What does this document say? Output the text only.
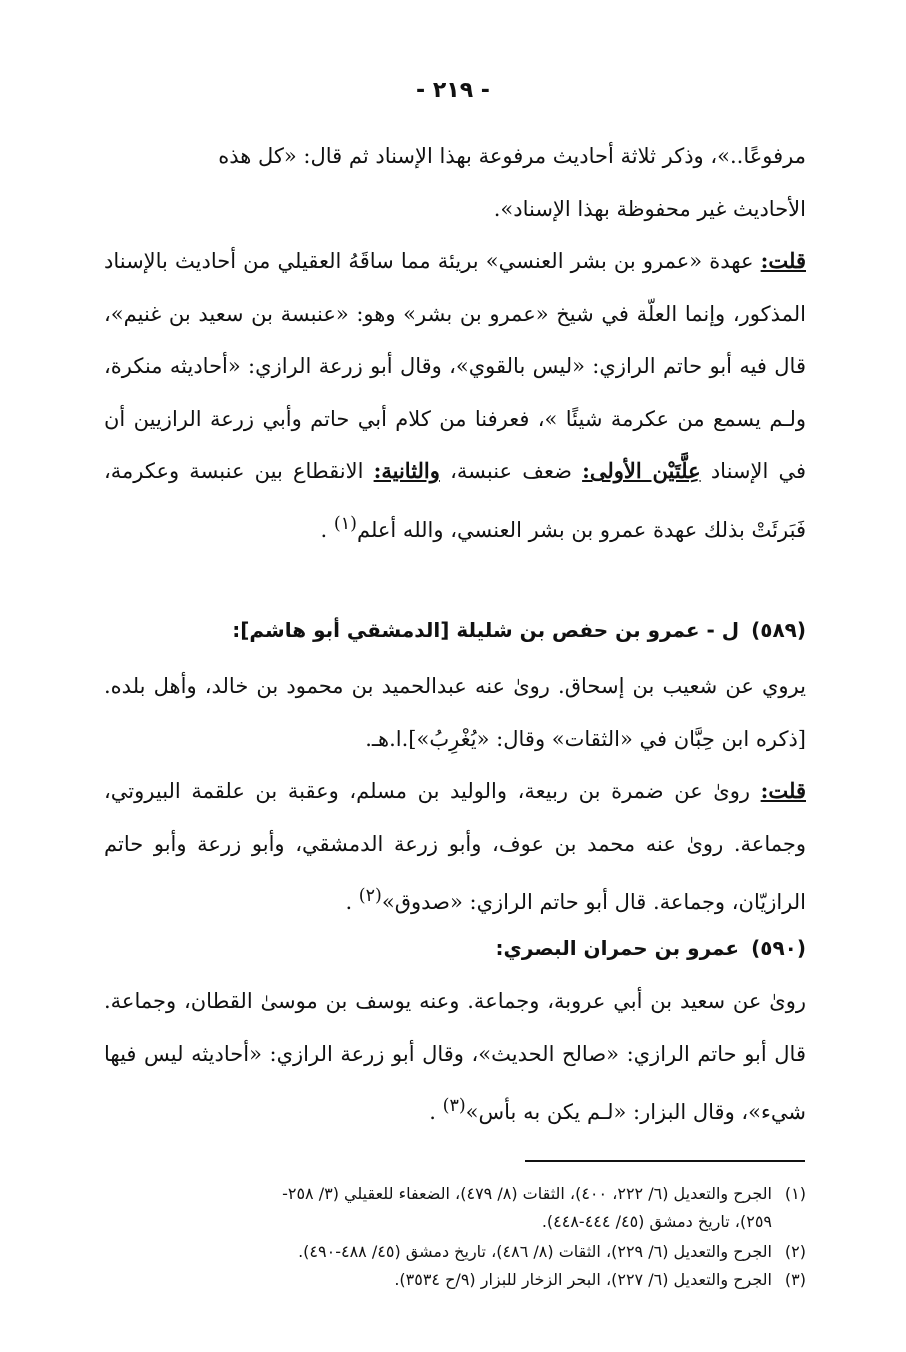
- ٢١٩ -
مرفوعًا..»، وذكر ثلاثة أحاديث مرفوعة بهذا الإسناد ثم قال: «كل هذه
الأحاديث غير محفوظة بهذا الإسناد».
قلت: عهدة «عمرو بن بشر العنسي» بريئة مما ساقَهُ العقيلي من أحاديث بالإسناد المذكور، وإنما العلّة في شيخ «عمرو بن بشر» وهو: «عنبسة بن سعيد بن غنيم»، قال فيه أبو حاتم الرازي: «ليس بالقوي»، وقال أبو زرعة الرازي: «أحاديثه منكرة، ولـم يسمع من عكرمة شيئًا »، فعرفنا من كلام أبي حاتم وأبي زرعة الرازيين أن في الإسناد عِلَّتَيْن الأولى: ضعف عنبسة، والثانية: الانقطاع بين عنبسة وعكرمة، فَبَرئَتْ بذلك عهدة عمرو بن بشر العنسي، والله أعلم$^{(١)}$ .
(٥٨٩)ل - عمرو بن حفص بن شليلة [الدمشقي أبو هاشم]:
يروي عن شعيب بن إسحاق. روىٰ عنه عبدالحميد بن محمود بن خالد، وأهل بلده. [ذكره ابن حِبَّان في «الثقات» وقال: «يُغْرِبُ»].ا.هـ.
قلت: روىٰ عن ضمرة بن ربيعة، والوليد بن مسلم، وعقبة بن علقمة البيروتي، وجماعة. روىٰ عنه محمد بن عوف، وأبو زرعة الدمشقي، وأبو زرعة وأبو حاتم الرازيّان، وجماعة. قال أبو حاتم الرازي: «صدوق»$^{(٢)}$ .
(٥٩٠)عمرو بن حمران البصري:
روىٰ عن سعيد بن أبي عروبة، وجماعة. وعنه يوسف بن موسىٰ القطان، وجماعة. قال أبو حاتم الرازي: «صالح الحديث»، وقال أبو زرعة الرازي: «أحاديثه ليس فيها شيء»، وقال البزار: «لـم يكن به بأس»$^{(٣)}$ .
(١)الجرح والتعديل (٦/ ٢٢٢، ٤٠٠)، الثقات (٨/ ٤٧٩)، الضعفاء للعقيلي (٣/ ٢٥٨-
٢٥٩)، تاريخ دمشق (٤٥/ ٤٤٤-٤٤٨).
(٢)الجرح والتعديل (٦/ ٢٢٩)، الثقات (٨/ ٤٨٦)، تاريخ دمشق (٤٥/ ٤٨٨-٤٩٠).
(٣)الجرح والتعديل (٦/ ٢٢٧)، البحر الزخار للبزار (٩/ح ٣٥٣٤).
